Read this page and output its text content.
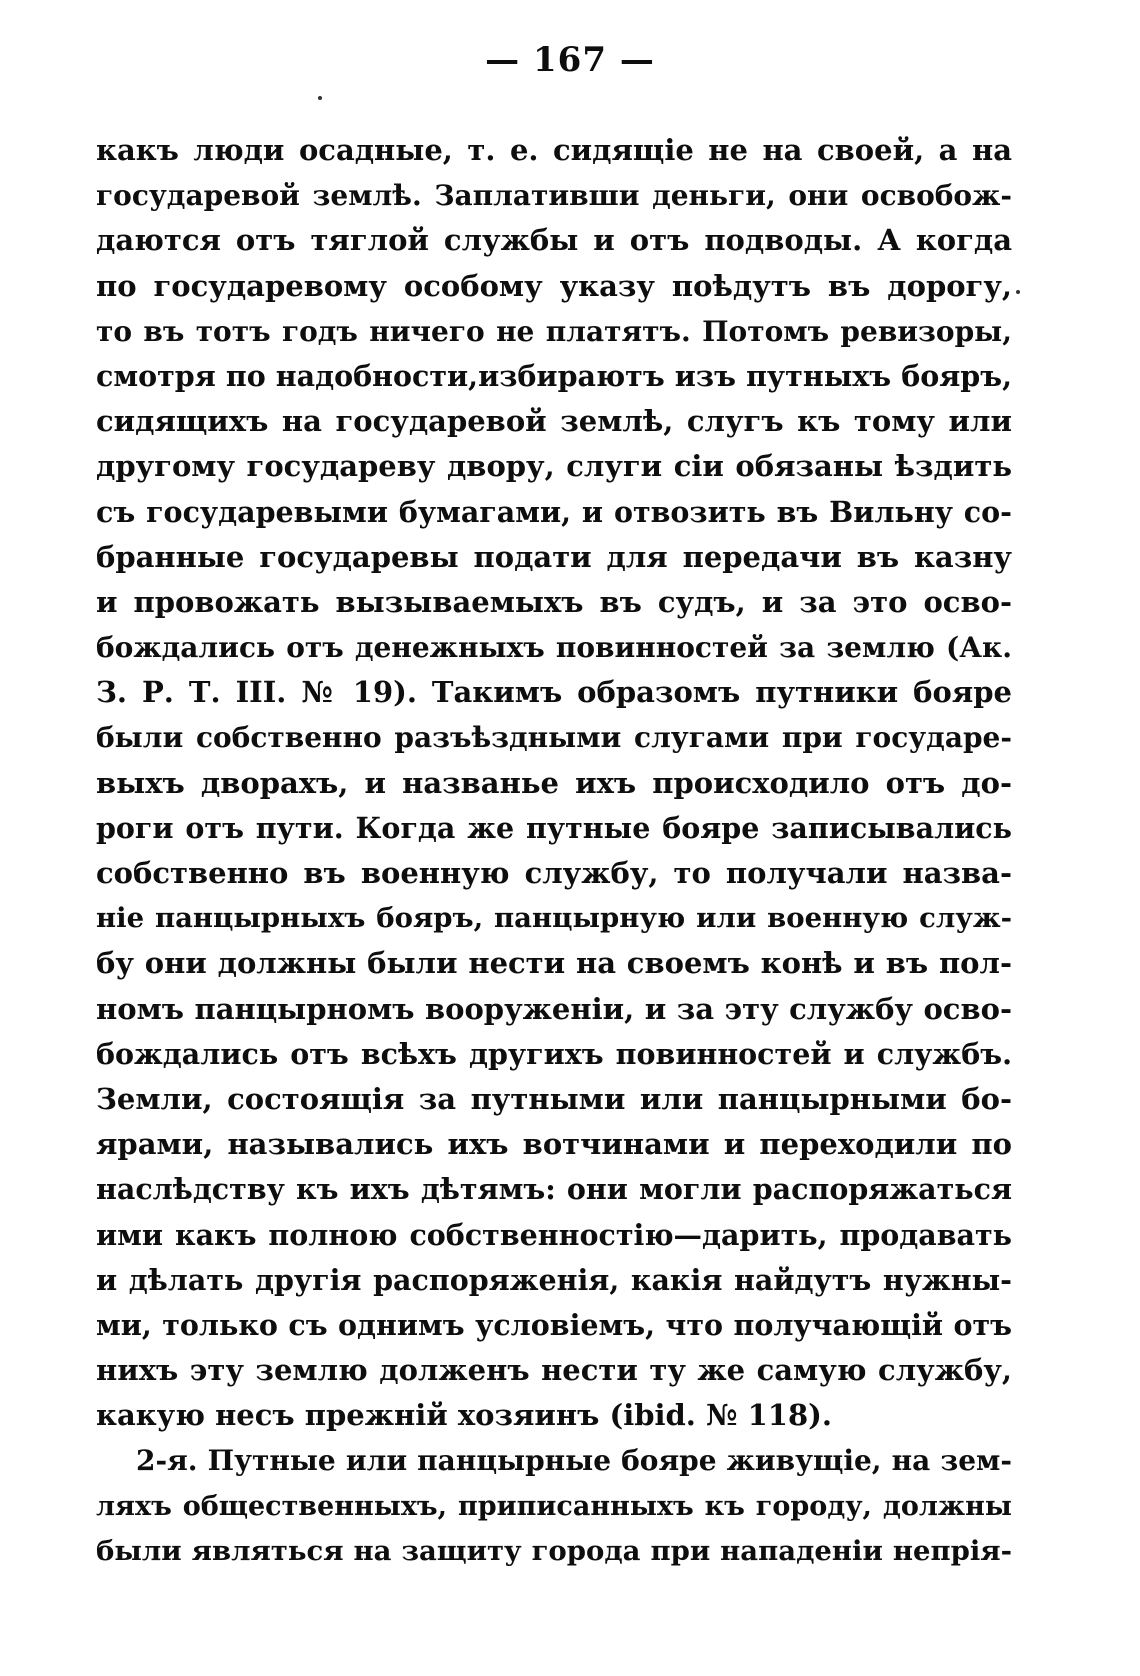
— 167 —
какъ люди осадные, т. е. сидящіе не на своей, а на
государевой землѣ. Заплативши деньги, они освобож-
даются отъ тяглой службы и отъ подводы. А когда
по государевому особому указу поѣдутъ въ дорогу,
то въ тотъ годъ ничего не платятъ. Потомъ ревизоры,
смотря по надобности,избираютъ изъ путныхъ бояръ,
сидящихъ на государевой землѣ, слугъ къ тому или
другому государеву двору, слуги сіи обязаны ѣздить
съ государевыми бумагами, и отвозить въ Вильну со-
бранные государевы подати для передачи въ казну
и провожать вызываемыхъ въ судъ, и за это осво-
бождались отъ денежныхъ повинностей за землю (Ак.
З. Р. Т. III. № 19). Такимъ образомъ путники бояре
были собственно разъѣздными слугами при государе-
выхъ дворахъ, и названье ихъ происходило отъ до-
роги отъ пути. Когда же путные бояре записывались
собственно въ военную службу, то получали назва-
ніе панцырныхъ бояръ, панцырную или военную служ-
бу они должны были нести на своемъ конѣ и въ пол-
номъ панцырномъ вооруженіи, и за эту службу осво-
бождались отъ всѣхъ другихъ повинностей и службъ.
Земли, состоящія за путными или панцырными бо-
ярами, назывались ихъ вотчинами и переходили по
наслѣдству къ ихъ дѣтямъ: они могли распоряжаться
ими какъ полною собственностію—дарить, продавать
и дѣлать другія распоряженія, какія найдутъ нужны-
ми, только съ однимъ условіемъ, что получающій отъ
нихъ эту землю долженъ нести ту же самую службу,
какую несъ прежній хозяинъ (ibid. № 118).
2-я. Путные или панцырные бояре живущіе, на зем-
ляхъ общественныхъ, приписанныхъ къ городу, должны
были являться на защиту города при нападеніи непрія-
